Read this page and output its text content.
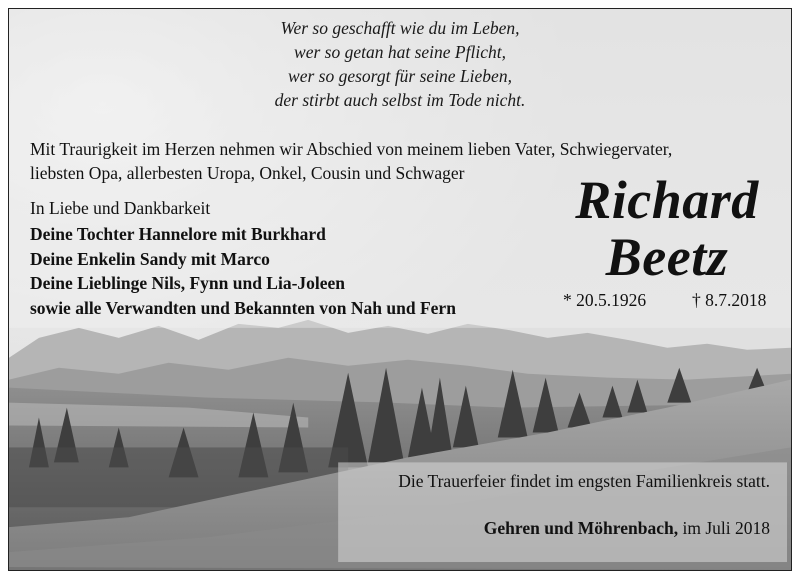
Wer so geschafft wie du im Leben,
wer so getan hat seine Pflicht,
wer so gesorgt für seine Lieben,
der stirbt auch selbst im Tode nicht.
Mit Traurigkeit im Herzen nehmen wir Abschied von meinem lieben Vater, Schwiegervater,
liebsten Opa, allerbesten Uropa, Onkel, Cousin und Schwager
In Liebe und Dankbarkeit
Deine Tochter Hannelore mit Burkhard
Deine Enkelin Sandy mit Marco
Deine Lieblinge Nils, Fynn und Lia-Joleen
sowie alle Verwandten und Bekannten von Nah und Fern
Richard
Beetz
* 20.5.1926	† 8.7.2018
Die Trauerfeier findet im engsten Familienkreis statt.
Gehren und Möhrenbach, im Juli 2018
